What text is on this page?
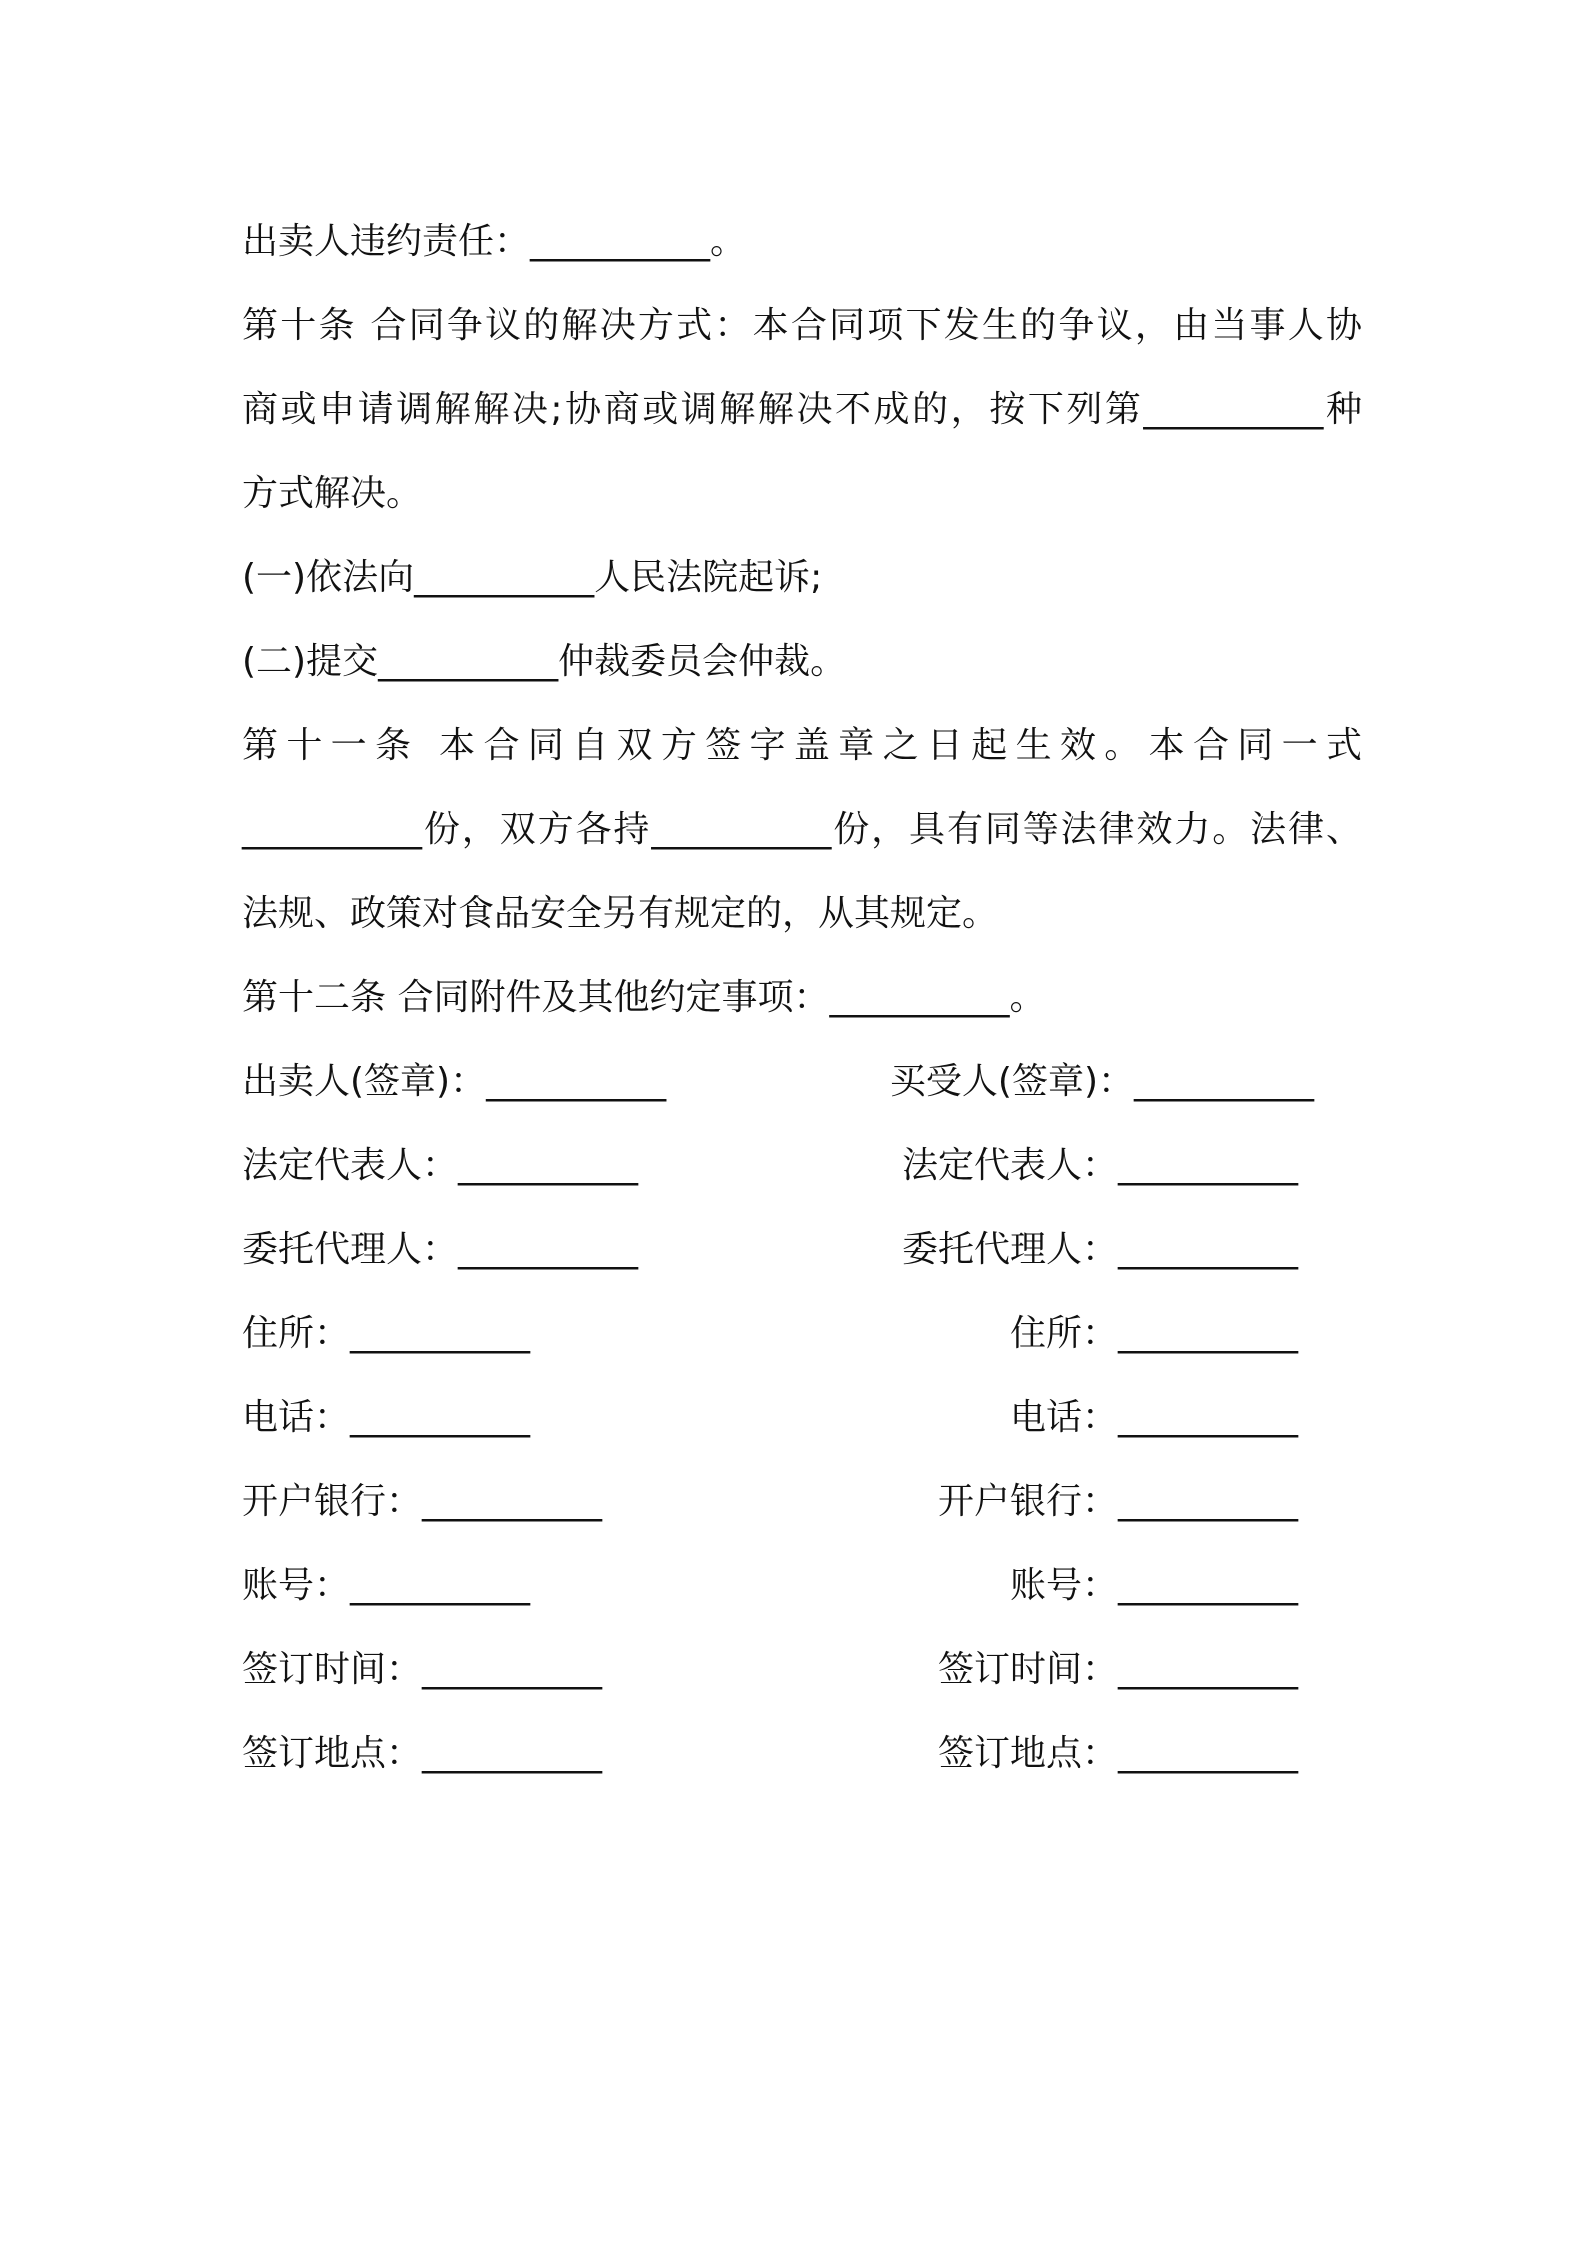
出卖人违约责任：__________。

第十条 合同争议的解决方式：本合同项下发生的争议，由当事人协

商或申请调解解决;协商或调解解决不成的，按下列第__________种

方式解决。

(一)依法向__________人民法院起诉;

(二)提交__________仲裁委员会仲裁。

第十一条 本合同自双方签字盖章之日起生效。本合同一式

__________份，双方各持__________份，具有同等法律效力。法律、

法规、政策对食品安全另有规定的，从其规定。

第十二条 合同附件及其他约定事项：__________。

出卖人(签章)：__________	买受人(签章)：__________
法定代表人：__________	法定代表人：__________
委托代理人：__________	委托代理人：__________
住所：__________	住所：__________
电话：__________	电话：__________
开户银行：__________	开户银行：__________
账号：__________	账号：__________
签订时间：__________	签订时间：__________
签订地点：__________	签订地点：__________
